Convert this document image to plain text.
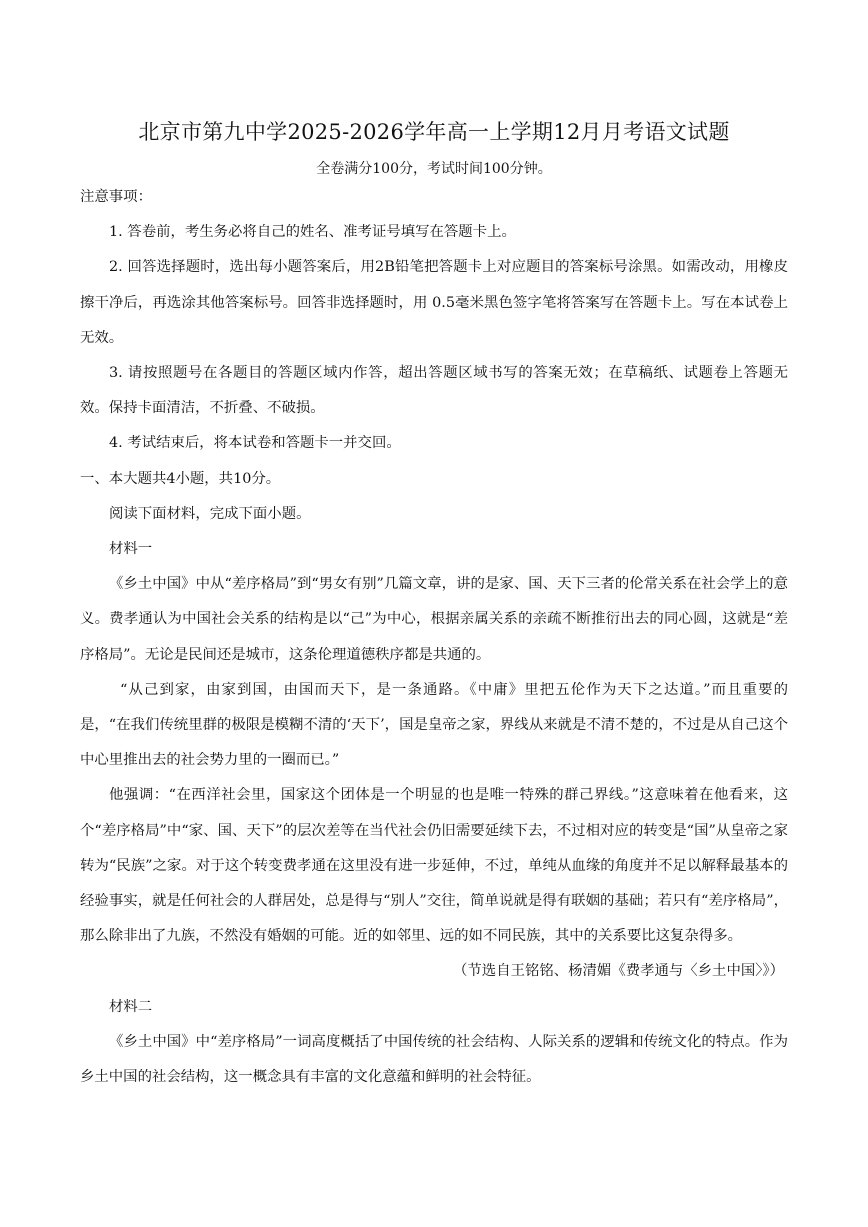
北京市第九中学2025-2026学年高一上学期12月月考语文试题
全卷满分100分，考试时间100分钟。

注意事项：

1. 答卷前，考生务必将自己的姓名、准考证号填写在答题卡上。

2. 回答选择题时，选出每小题答案后，用2B铅笔把答题卡上对应题目的答案标号涂黑。如需改动，用橡皮擦干净后，再选涂其他答案标号。回答非选择题时，用 0.5毫米黑色签字笔将答案写在答题卡上。写在本试卷上无效。

3. 请按照题号在各题目的答题区域内作答，超出答题区域书写的答案无效；在草稿纸、试题卷上答题无效。保持卡面清洁，不折叠、不破损。

4. 考试结束后，将本试卷和答题卡一并交回。

一、本大题共4小题，共10分。

阅读下面材料，完成下面小题。

材料一

《乡土中国》中从“差序格局”到“男女有别”几篇文章，讲的是家、国、天下三者的伦常关系在社会学上的意义。费孝通认为中国社会关系的结构是以“己”为中心，根据亲属关系的亲疏不断推衍出去的同心圆，这就是“差序格局”。无论是民间还是城市，这条伦理道德秩序都是共通的。

“从己到家，由家到国，由国而天下，是一条通路。《中庸》里把五伦作为天下之达道。”而且重要的是，“在我们传统里群的极限是模糊不清的‘天下’，国是皇帝之家，界线从来就是不清不楚的，不过是从自己这个中心里推出去的社会势力里的一圈而已。”

他强调：“在西洋社会里，国家这个团体是一个明显的也是唯一特殊的群己界线。”这意味着在他看来，这个“差序格局”中“家、国、天下”的层次差等在当代社会仍旧需要延续下去，不过相对应的转变是“国”从皇帝之家转为“民族”之家。对于这个转变费孝通在这里没有进一步延伸，不过，单纯从血缘的角度并不足以解释最基本的经验事实，就是任何社会的人群居处，总是得与“别人”交往，简单说就是得有联姻的基础；若只有“差序格局”，那么除非出了九族，不然没有婚姻的可能。近的如邻里、远的如不同民族，其中的关系要比这复杂得多。

（节选自王铭铭、杨清媚《费孝通与〈乡土中国〉》）

材料二

《乡土中国》中“差序格局”一词高度概括了中国传统的社会结构、人际关系的逻辑和传统文化的特点。作为乡土中国的社会结构，这一概念具有丰富的文化意蕴和鲜明的社会特征。
